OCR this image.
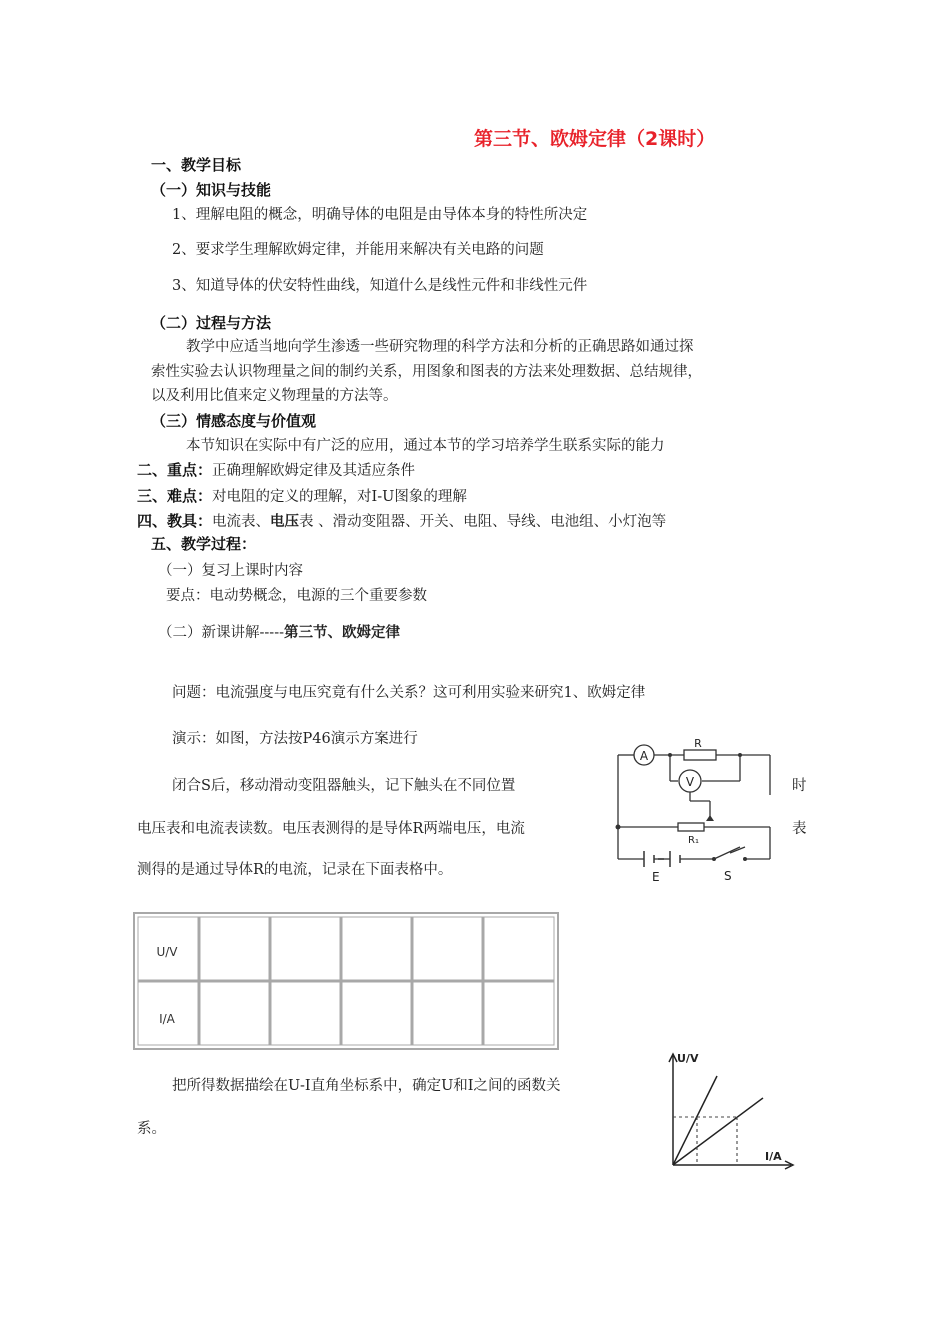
第三节、欧姆定律（2课时）
一、教学目标
（一）知识与技能
1、理解电阻的概念，明确导体的电阻是由导体本身的特性所决定
2、要求学生理解欧姆定律，并能用来解决有关电路的问题
3、知道导体的伏安特性曲线，知道什么是线性元件和非线性元件
（二）过程与方法
教学中应适当地向学生渗透一些研究物理的科学方法和分析的正确思路如通过探
索性实验去认识物理量之间的制约关系，用图象和图表的方法来处理数据、总结规律，
以及利用比值来定义物理量的方法等。
（三）情感态度与价值观
本节知识在实际中有广泛的应用，通过本节的学习培养学生联系实际的能力
二、重点：正确理解欧姆定律及其适应条件
三、难点：对电阻的定义的理解，对I-U图象的理解
四、教具：电流表、电压表 、滑动变阻器、开关、电阻、导线、电池组、小灯泡等
五、教学过程：
（一）复习上课时内容
要点：电动势概念，电源的三个重要参数
（二）新课讲解-----第三节、欧姆定律
问题：电流强度与电压究竟有什么关系？这可利用实验来研究1、欧姆定律
演示：如图，方法按P46演示方案进行
闭合S后，移动滑动变阻器触头，记下触头在不同位置
电压表和电流表读数。电压表测得的是导体R两端电压，电流
测得的是通过导体R的电流，记录在下面表格中。
时
表
A
R
V
R₁
E	S
U/V
I/A
把所得数据描绘在U-I直角坐标系中，确定U和I之间的函数关
系。
U/V
I/A
